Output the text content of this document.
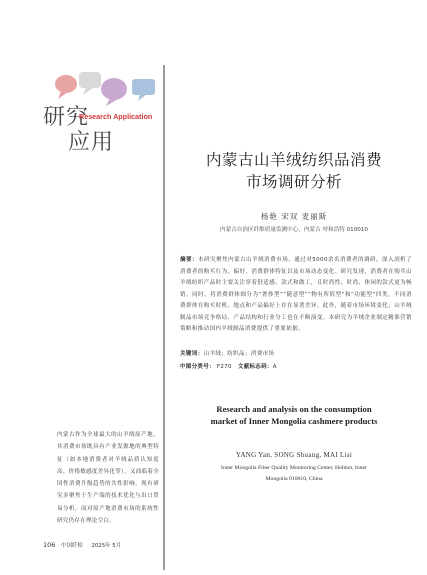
研究
Research Application
应用
内蒙古山羊绒纺织品消费
市场调研分析
杨艳 宋双 麦丽斯
内蒙古自治区纤维质量监测中心，内蒙古 呼和浩特 010010
摘要：本研究聚焦内蒙古山羊绒消费市场，通过对5000余名消费者的调研，深入剖析了消费者的购买行为、偏好、消费群体特征以及市场动态变化。研究发现，消费者在购买山羊绒纺织产品时主要关注穿着舒适感、款式和做工，且时尚性、时尚、休闲的款式更为畅销。同时，将消费群体细分为“奢侈型”“随意型”“物有所值型”和“功能型”四类，不同消费群体在购买时机、地点和产品偏好上存在显著差异。此外，随着市场环境变化，山羊绒制品市场竞争格局、产品结构和行业分工也在不断演变。本研究为羊绒企业制定精准营销策略和推动国内羊绒制品消费提供了重要依据。
关键词：山羊绒；纺织品；消费市场
中图分类号： F270 文献标志码：A
Research and analysis on the consumption
market of Inner Mongolia cashmere products
YANG Yan, SONG Shuang, MAI Lisi
Inner Mongolia Fiber Quality Monitoring Center, Hohhot, Inner
Mongolia 010010, China
内蒙古作为全球最大的山羊绒原产地，其消费市场既具有产业发源地的典型特征（如本地消费者对羊绒品质认知度高、价格敏感度差异化等），又面临着全国性消费升级趋势的共性影响。现有研究多聚焦于生产端的技术优化与出口贸易分析，而对原产地消费市场的系统性研究仍存在理论空白。
106 中国纤检 2025年 5月
